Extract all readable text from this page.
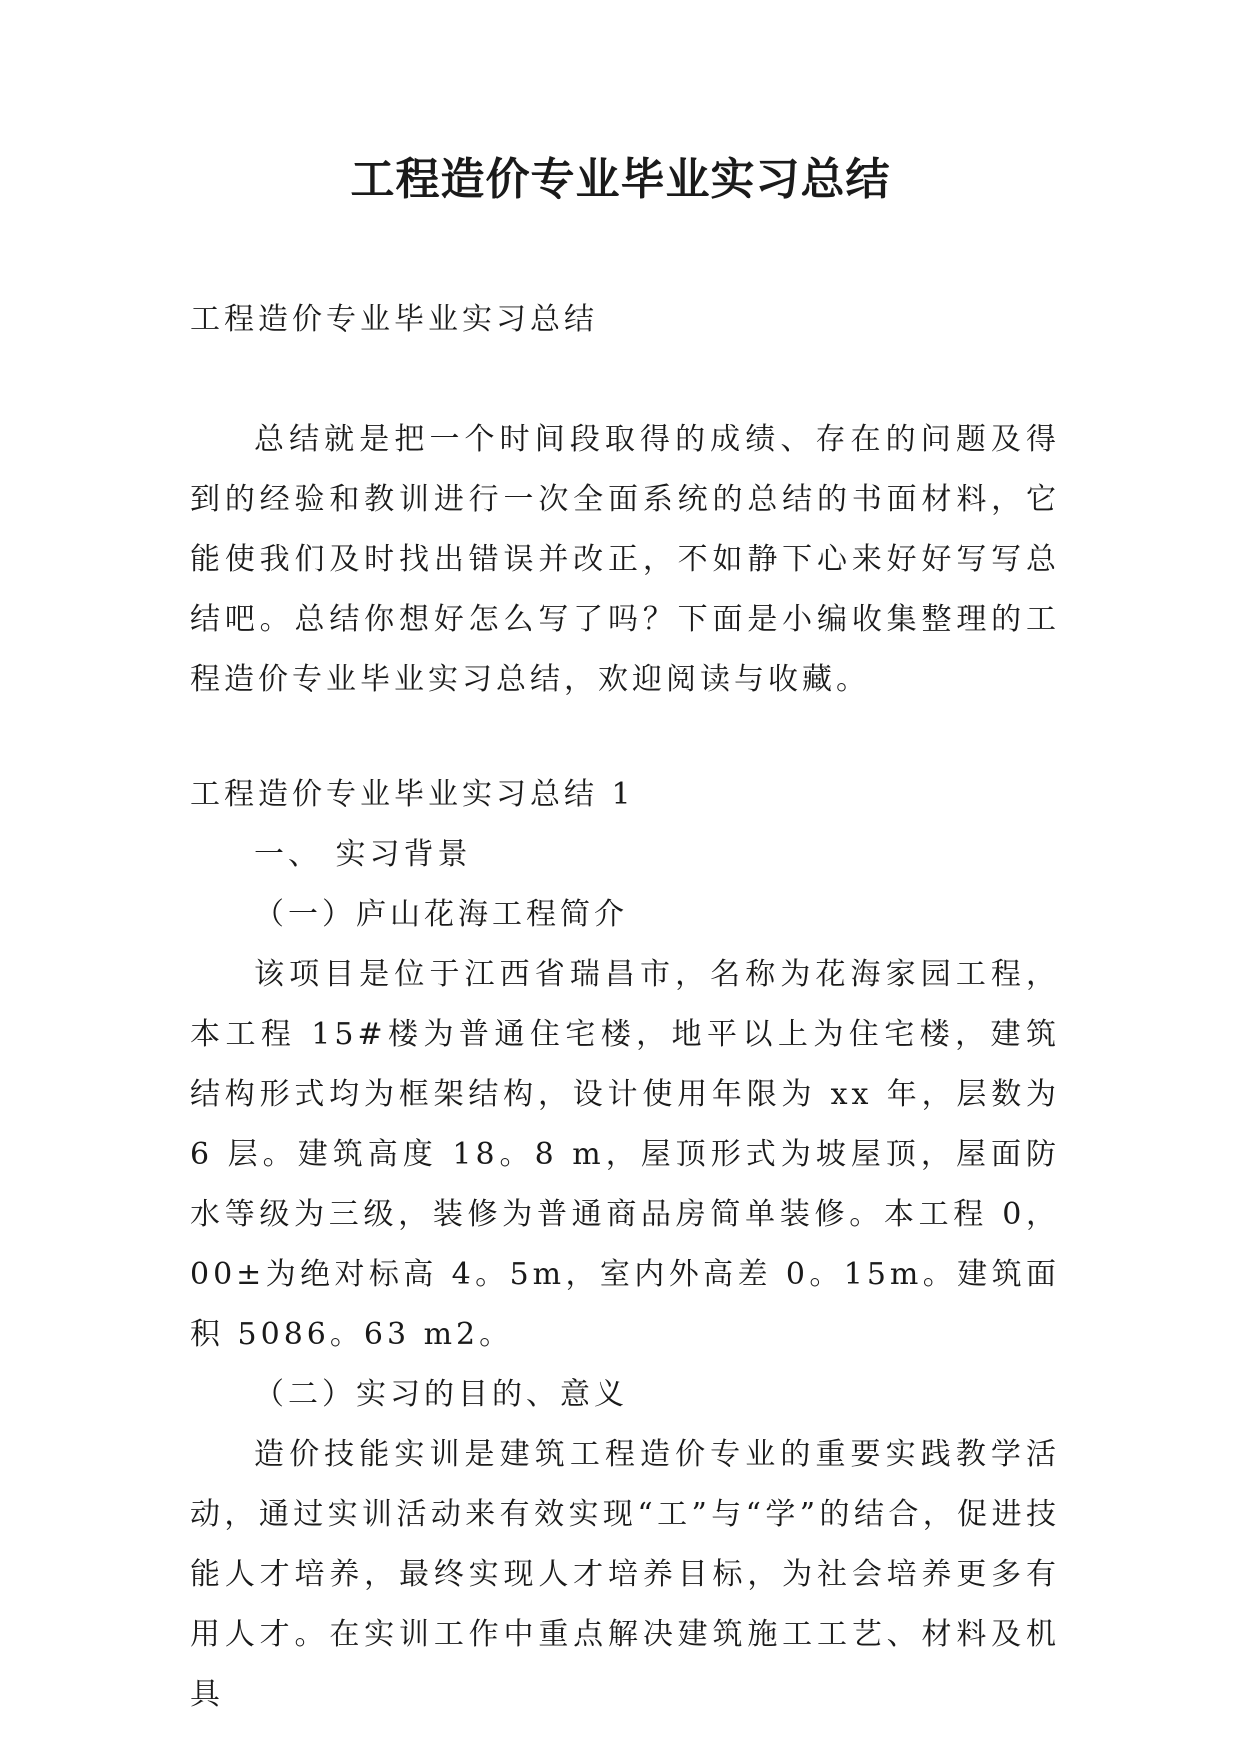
工程造价专业毕业实习总结

工程造价专业毕业实习总结

总结就是把一个时间段取得的成绩、存在的问题及得到的经验和教训进行一次全面系统的总结的书面材料，它能使我们及时找出错误并改正，不如静下心来好好写写总结吧。总结你想好怎么写了吗？下面是小编收集整理的工程造价专业毕业实习总结，欢迎阅读与收藏。

工程造价专业毕业实习总结 1

一、 实习背景

（一）庐山花海工程简介

该项目是位于江西省瑞昌市，名称为花海家园工程，本工程 15#楼为普通住宅楼，地平以上为住宅楼，建筑结构形式均为框架结构，设计使用年限为 xx 年，层数为 6 层。建筑高度 18。8 m，屋顶形式为坡屋顶，屋面防水等级为三级，装修为普通商品房简单装修。本工程 0，00±为绝对标高 4。5m，室内外高差 0。15m。建筑面积 5086。63 m2。

（二）实习的目的、意义

造价技能实训是建筑工程造价专业的重要实践教学活动，通过实训活动来有效实现“工”与“学”的结合，促进技能人才培养，最终实现人才培养目标，为社会培养更多有用人才。在实训工作中重点解决建筑施工工艺、材料及机具
